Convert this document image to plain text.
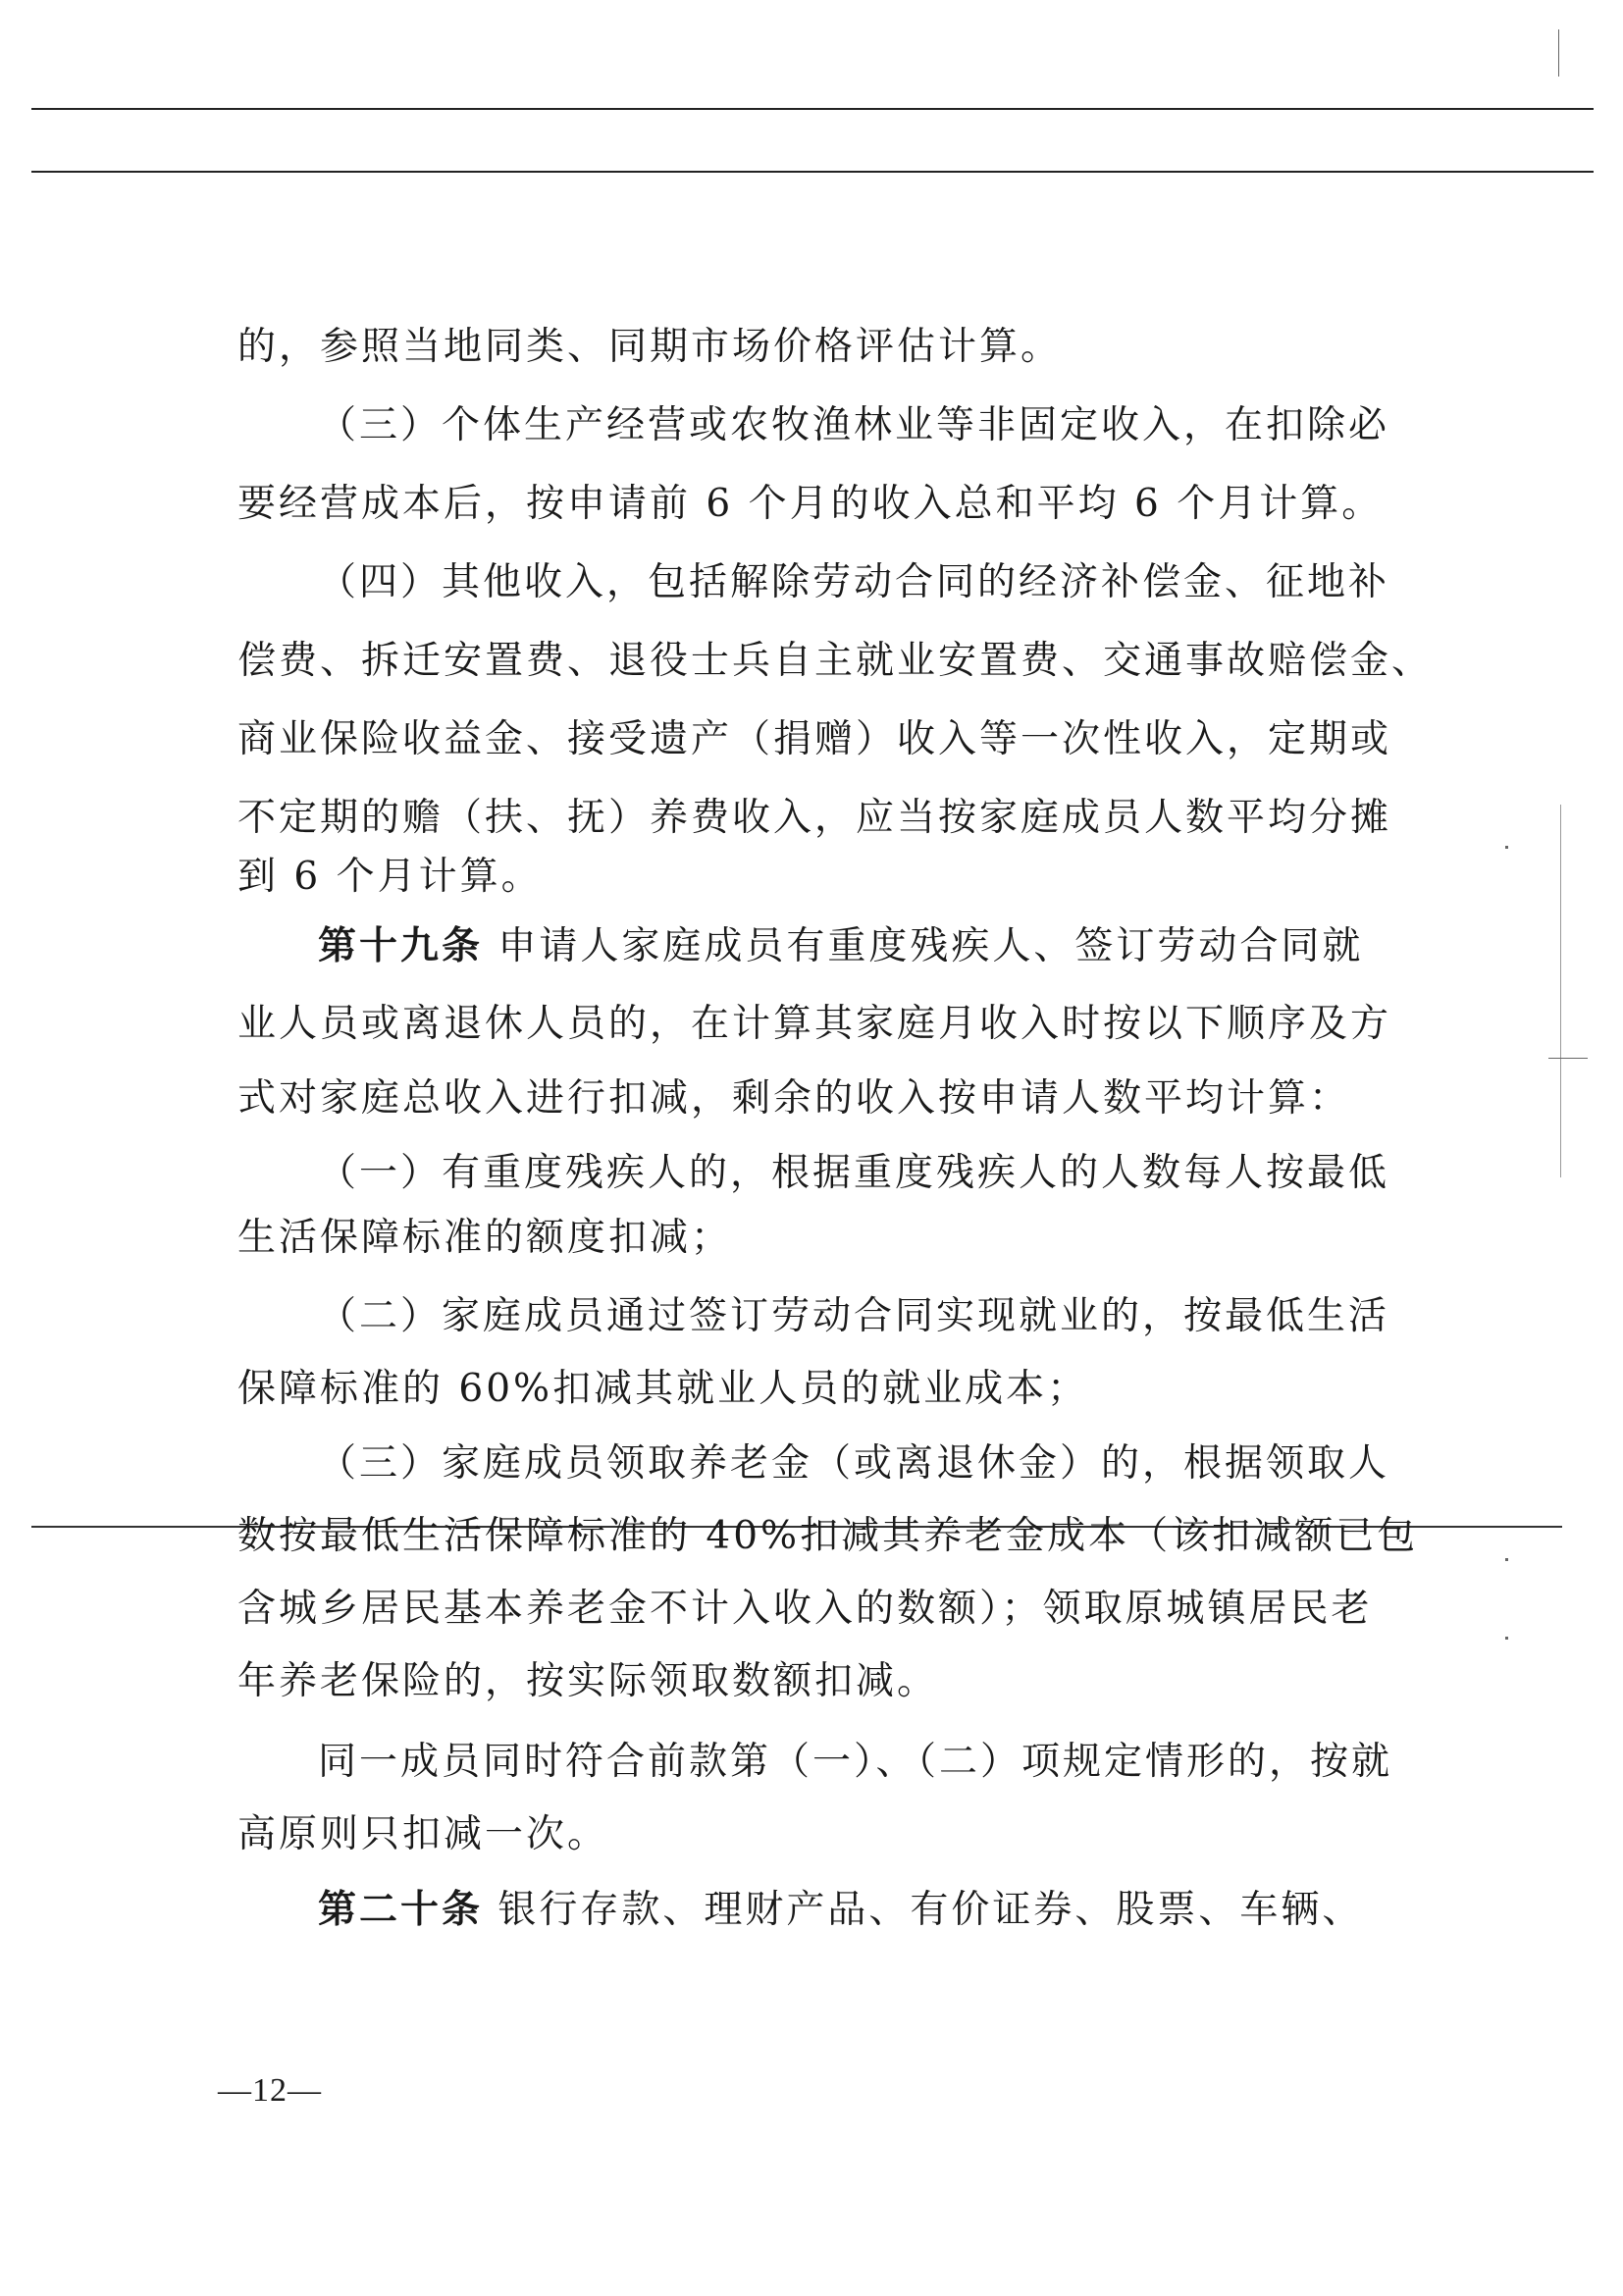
的，参照当地同类、同期市场价格评估计算。
（三）个体生产经营或农牧渔林业等非固定收入，在扣除必
要经营成本后，按申请前 6 个月的收入总和平均 6 个月计算。
（四）其他收入，包括解除劳动合同的经济补偿金、征地补
偿费、拆迁安置费、退役士兵自主就业安置费、交通事故赔偿金、
商业保险收益金、接受遗产（捐赠）收入等一次性收入，定期或
不定期的赡（扶、抚）养费收入，应当按家庭成员人数平均分摊
到 6 个月计算。
第十九条 申请人家庭成员有重度残疾人、签订劳动合同就
业人员或离退休人员的，在计算其家庭月收入时按以下顺序及方
式对家庭总收入进行扣减，剩余的收入按申请人数平均计算：
（一）有重度残疾人的，根据重度残疾人的人数每人按最低
生活保障标准的额度扣减；
（二）家庭成员通过签订劳动合同实现就业的，按最低生活
保障标准的 60%扣减其就业人员的就业成本；
（三）家庭成员领取养老金（或离退休金）的，根据领取人
数按最低生活保障标准的 40%扣减其养老金成本（该扣减额已包
含城乡居民基本养老金不计入收入的数额）；领取原城镇居民老
年养老保险的，按实际领取数额扣减。
同一成员同时符合前款第（一）、（二）项规定情形的，按就
高原则只扣减一次。
第二十条 银行存款、理财产品、有价证券、股票、车辆、
—12—
